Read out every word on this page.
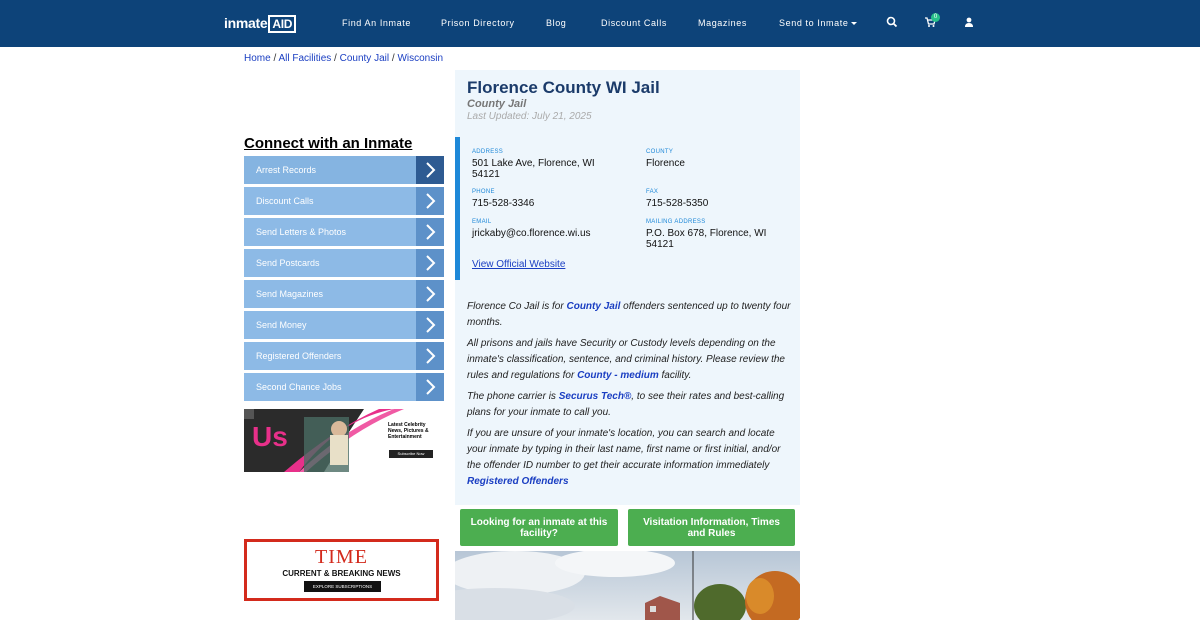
inmate AID	Find An Inmate	Prison Directory	Blog	Discount Calls	Magazines	Send to Inmate
0
Home / All Facilities / County Jail / Wisconsin
Connect with an Inmate
Arrest Records
Discount Calls
Send Letters & Photos
Send Postcards
Send Magazines
Send Money
Registered Offenders
Second Chance Jobs
Us	Latest Celebrity News, Pictures & Entertainment
Subscribe Now
TIME
CURRENT & BREAKING NEWS
EXPLORE SUBSCRIPTIONS
Florence County WI Jail
County Jail
Last Updated: July 21, 2025
ADDRESS
501 Lake Ave, Florence, WI
54121
COUNTY
Florence
PHONE
715-528-3346
FAX
715-528-5350
EMAIL
jrickaby@co.florence.wi.us
MAILING ADDRESS
P.O. Box 678, Florence, WI
54121
View Official Website

Florence Co Jail is for County Jail offenders sentenced up to twenty four months.

All prisons and jails have Security or Custody levels depending on the inmate's classification, sentence, and criminal history. Please review the rules and regulations for County - medium facility.

The phone carrier is Securus Tech®, to see their rates and best-calling plans for your inmate to call you.

If you are unsure of your inmate's location, you can search and locate your inmate by typing in their last name, first name or first initial, and/or the offender ID number to get their accurate information immediately Registered Offenders

Looking for an inmate at this facility?
Visitation Information, Times and Rules
